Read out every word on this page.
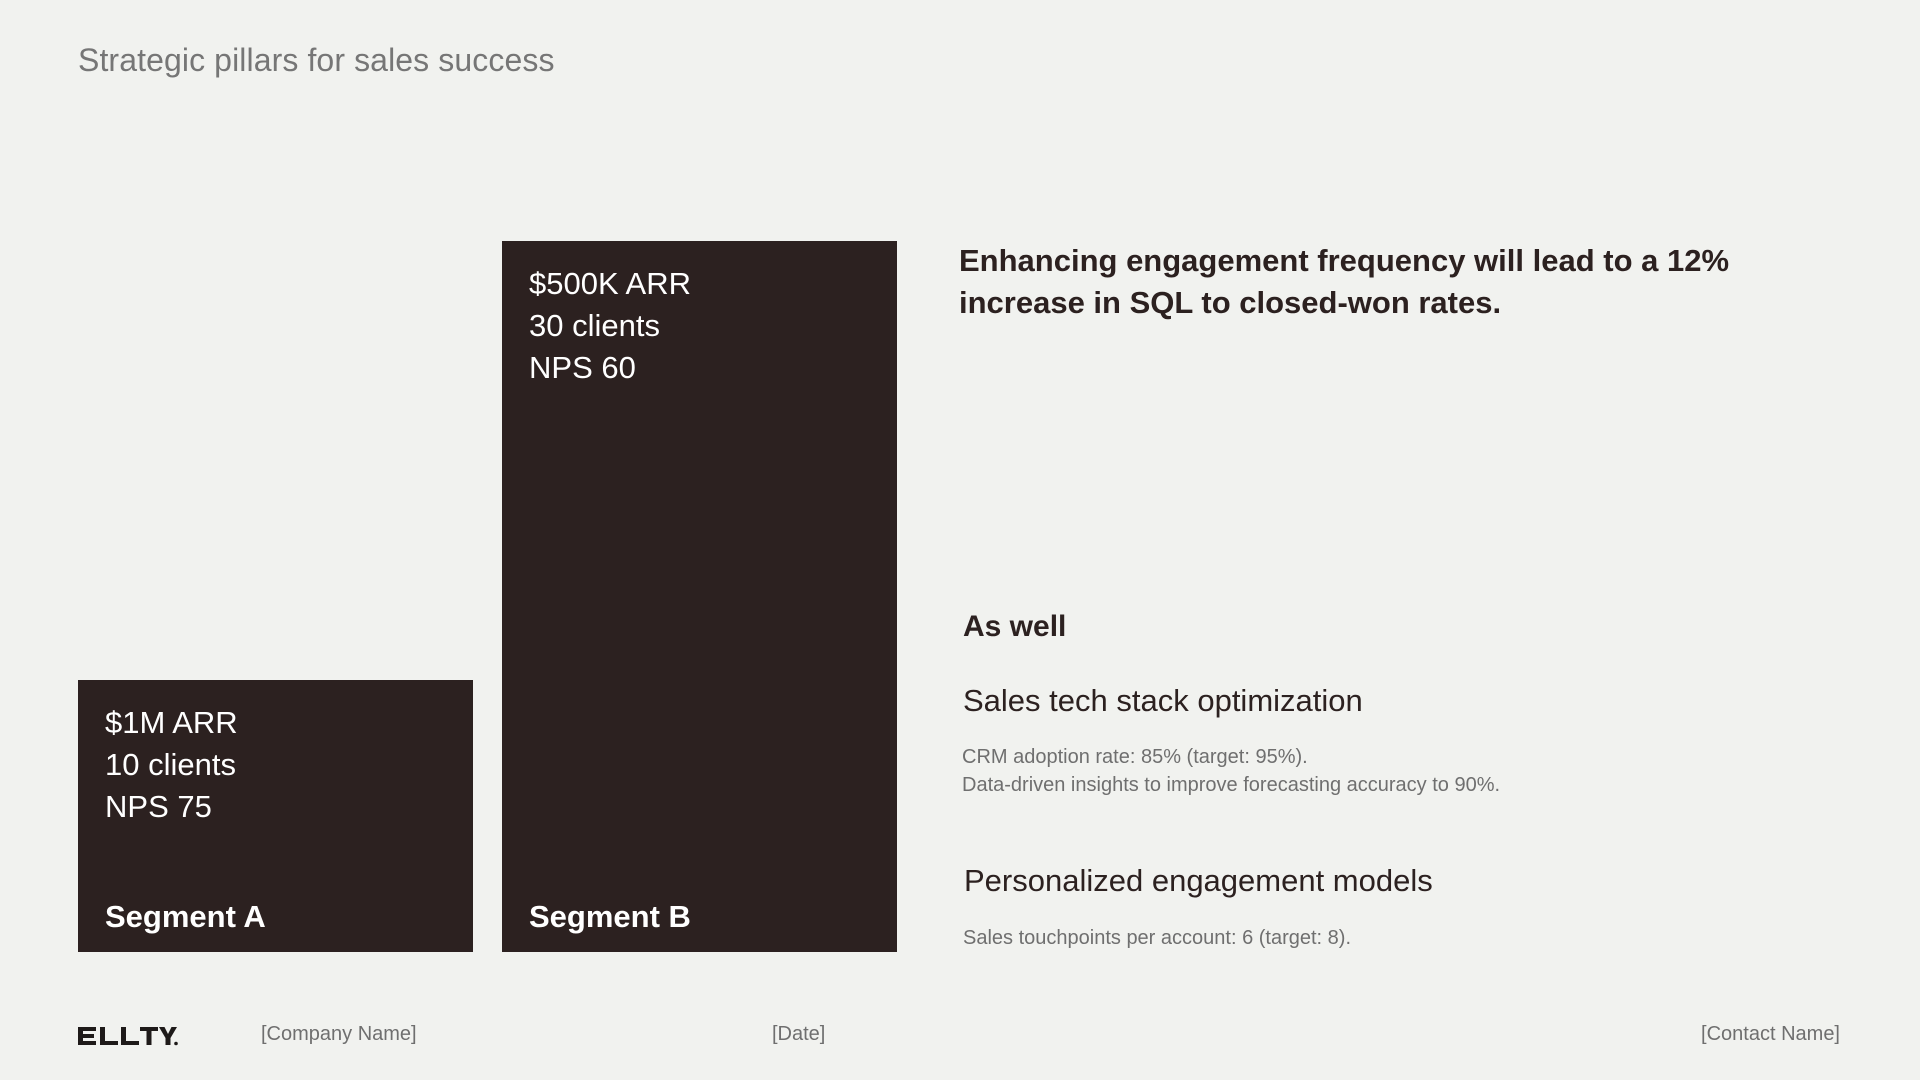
Strategic pillars for sales success
$1M ARR
10 clients
NPS 75
Segment A
$500K ARR
30 clients
NPS 60
Segment B
Enhancing engagement frequency will lead to a 12% increase in SQL to closed-won rates.
As well
Sales tech stack optimization
CRM adoption rate: 85% (target: 95%).
Data-driven insights to improve forecasting accuracy to 90%.
Personalized engagement models
Sales touchpoints per account: 6 (target: 8).
[Company Name]	[Date]	[Contact Name]
